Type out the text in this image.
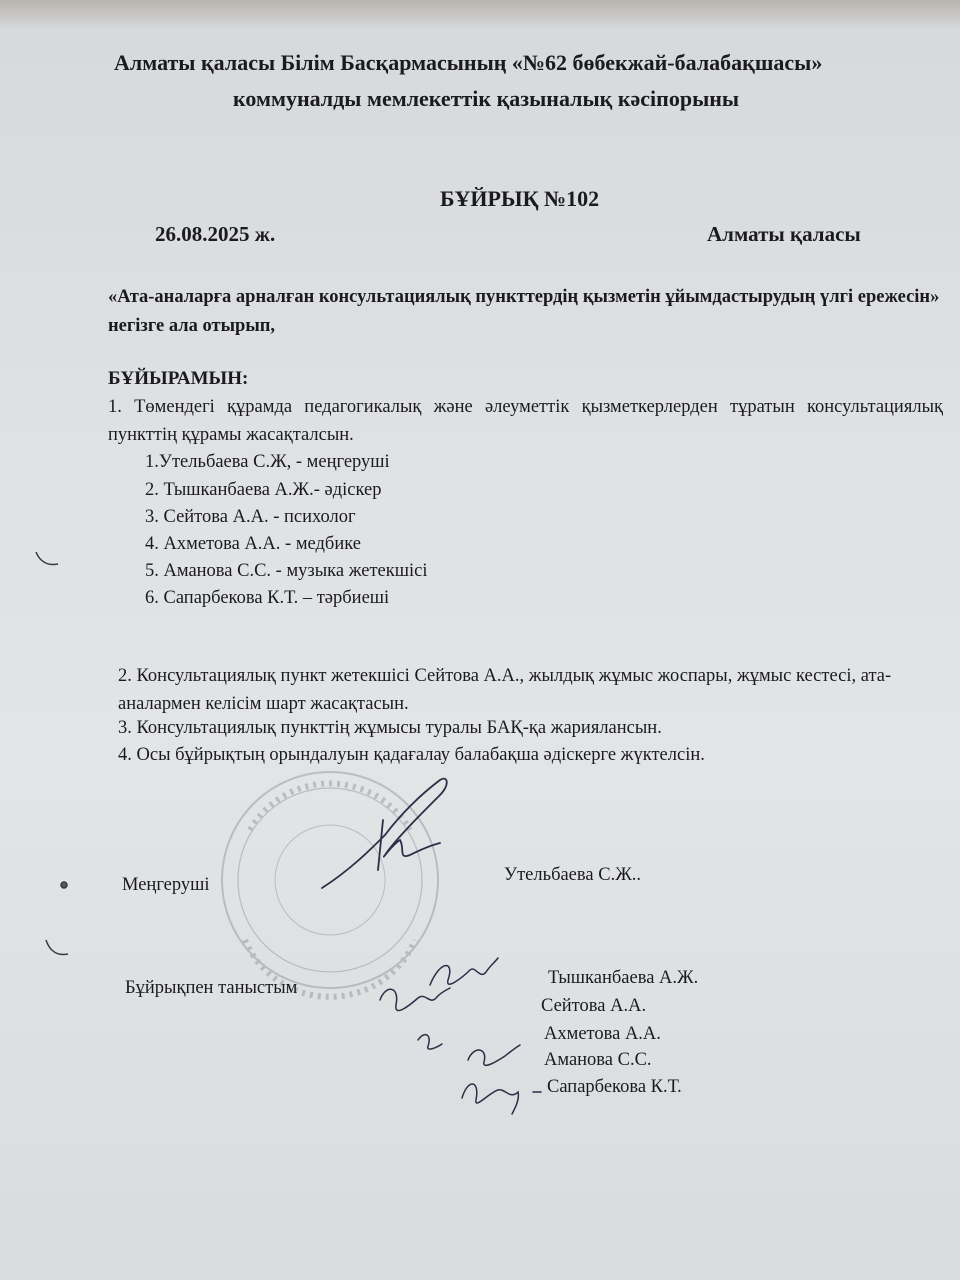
Алматы қаласы Білім Басқармасының «№62 бөбекжай-балабақшасы»
коммуналды мемлекеттік қазыналық кәсіпорыны
БҰЙРЫҚ №102
26.08.2025 ж.	Алматы қаласы
«Ата-аналарға арналған консультациялық пункттердің қызметін ұйымдастырудың үлгі ережесін» негізге ала отырып,
БҰЙЫРАМЫН:
1. Төмендегі құрамда педагогикалық және әлеуметтік қызметкерлерден тұратын консультациялық пункттің құрамы жасақталсын.
1.Утельбаева С.Ж, - меңгеруші
2. Тышканбаева А.Ж.- әдіскер
3. Сейтова А.А. - психолог
4. Ахметова А.А. - медбике
5. Аманова С.С. - музыка жетекшісі
6. Сапарбекова К.Т. – тәрбиеші
2. Консультациялық пункт жетекшісі Сейтова А.А., жылдық жұмыс жоспары, жұмыс кестесі, ата-аналармен келісім шарт жасақтасын.
3. Консультациялық пункттің жұмысы туралы БАҚ-қа жариялансын.
4. Осы бұйрықтың орындалуын қадағалау балабақша әдіскерге жүктелсін.
Меңгеруші	Утельбаева С.Ж..
Бұйрықпен таныстым	Тышканбаева А.Ж.
Сейтова А.А.
Ахметова А.А.
Аманова С.С.
Сапарбекова К.Т.
